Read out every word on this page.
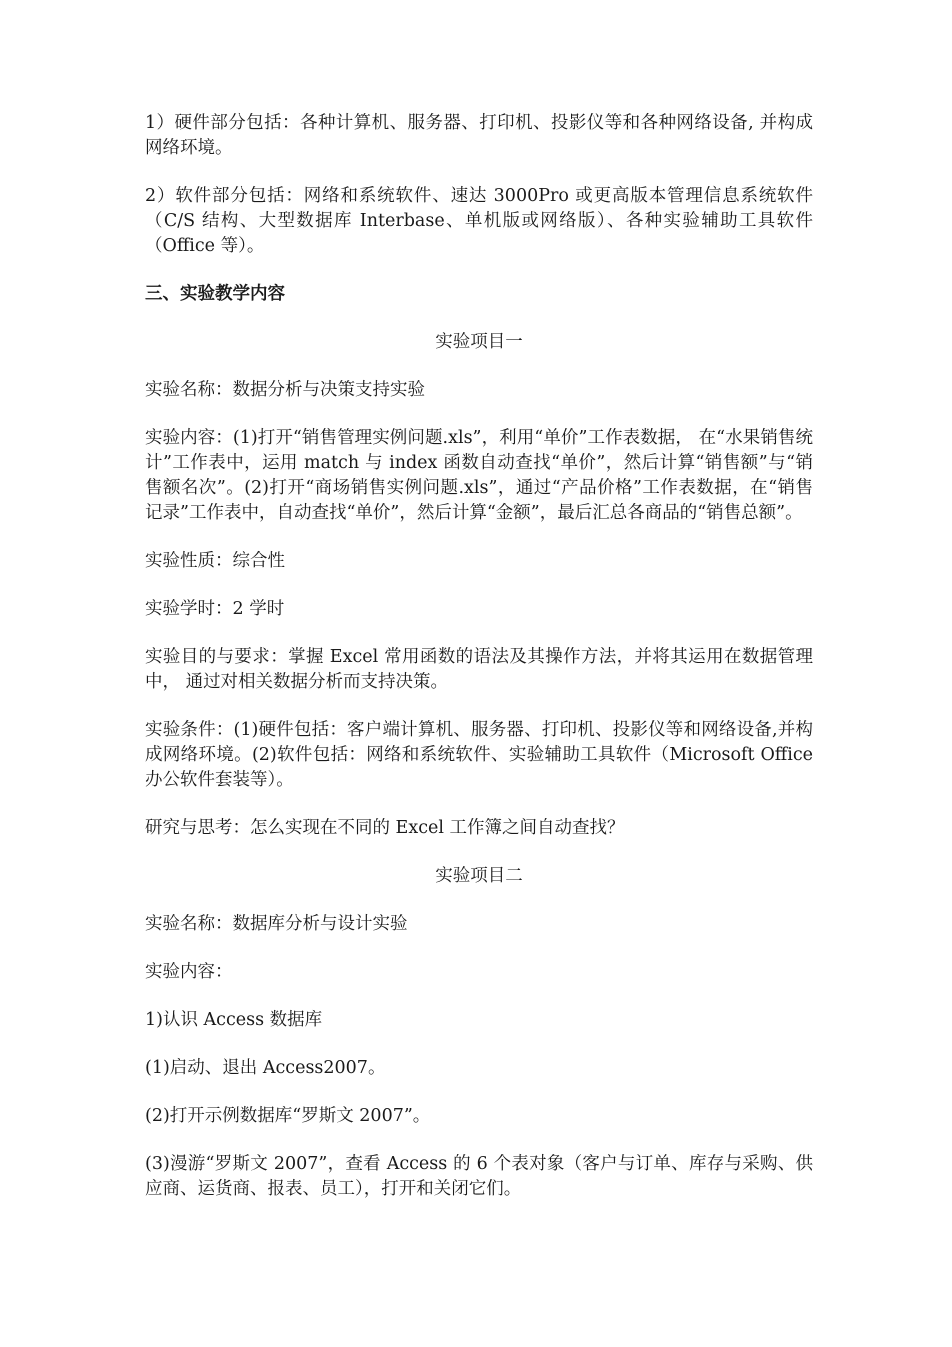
1）硬件部分包括：各种计算机、服务器、打印机、投影仪等和各种网络设备, 并构成网络环境。

2）软件部分包括：网络和系统软件、速达 3000Pro 或更高版本管理信息系统软件（C/S 结构、大型数据库 Interbase、单机版或网络版）、各种实验辅助工具软件（Office 等）。

三、实验教学内容

实验项目一

实验名称：数据分析与决策支持实验

实验内容：(1)打开“销售管理实例问题.xls”，利用“单价”工作表数据， 在“水果销售统计”工作表中，运用 match 与 index 函数自动查找“单价”，然后计算“销售额”与“销售额名次”。(2)打开“商场销售实例问题.xls”，通过“产品价格”工作表数据，在“销售记录”工作表中，自动查找“单价”，然后计算“金额”，最后汇总各商品的“销售总额”。

实验性质：综合性

实验学时：2 学时

实验目的与要求：掌握 Excel 常用函数的语法及其操作方法，并将其运用在数据管理中， 通过对相关数据分析而支持决策。

实验条件：(1)硬件包括：客户端计算机、服务器、打印机、投影仪等和网络设备,并构成网络环境。(2)软件包括：网络和系统软件、实验辅助工具软件（Microsoft Office 办公软件套装等）。

研究与思考：怎么实现在不同的 Excel 工作簿之间自动查找？

实验项目二

实验名称：数据库分析与设计实验

实验内容：

1)认识 Access 数据库

(1)启动、退出 Access2007。

(2)打开示例数据库“罗斯文 2007”。

(3)漫游“罗斯文 2007”，查看 Access 的 6 个表对象（客户与订单、库存与采购、供应商、运货商、报表、员工），打开和关闭它们。
